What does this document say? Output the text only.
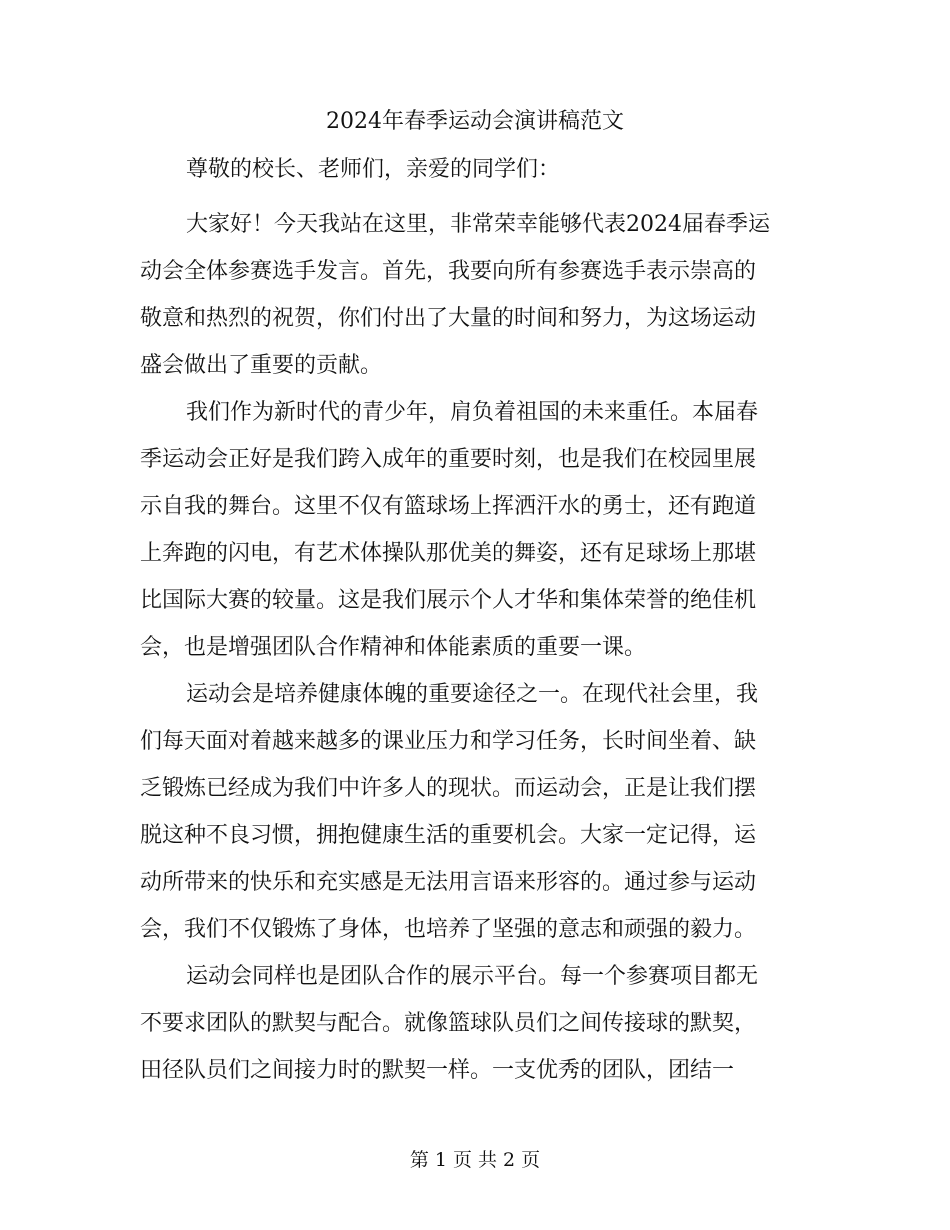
2024年春季运动会演讲稿范文
尊敬的校长、老师们，亲爱的同学们：

大家好！今天我站在这里，非常荣幸能够代表2024届春季运
动会全体参赛选手发言。首先，我要向所有参赛选手表示崇高的
敬意和热烈的祝贺，你们付出了大量的时间和努力，为这场运动
盛会做出了重要的贡献。

我们作为新时代的青少年，肩负着祖国的未来重任。本届春
季运动会正好是我们跨入成年的重要时刻，也是我们在校园里展
示自我的舞台。这里不仅有篮球场上挥洒汗水的勇士，还有跑道
上奔跑的闪电，有艺术体操队那优美的舞姿，还有足球场上那堪
比国际大赛的较量。这是我们展示个人才华和集体荣誉的绝佳机
会，也是增强团队合作精神和体能素质的重要一课。

运动会是培养健康体魄的重要途径之一。在现代社会里，我
们每天面对着越来越多的课业压力和学习任务，长时间坐着、缺
乏锻炼已经成为我们中许多人的现状。而运动会，正是让我们摆
脱这种不良习惯，拥抱健康生活的重要机会。大家一定记得，运
动所带来的快乐和充实感是无法用言语来形容的。通过参与运动
会，我们不仅锻炼了身体，也培养了坚强的意志和顽强的毅力。

运动会同样也是团队合作的展示平台。每一个参赛项目都无
不要求团队的默契与配合。就像篮球队员们之间传接球的默契，
田径队员们之间接力时的默契一样。一支优秀的团队，团结一

第 1 页 共 2 页
